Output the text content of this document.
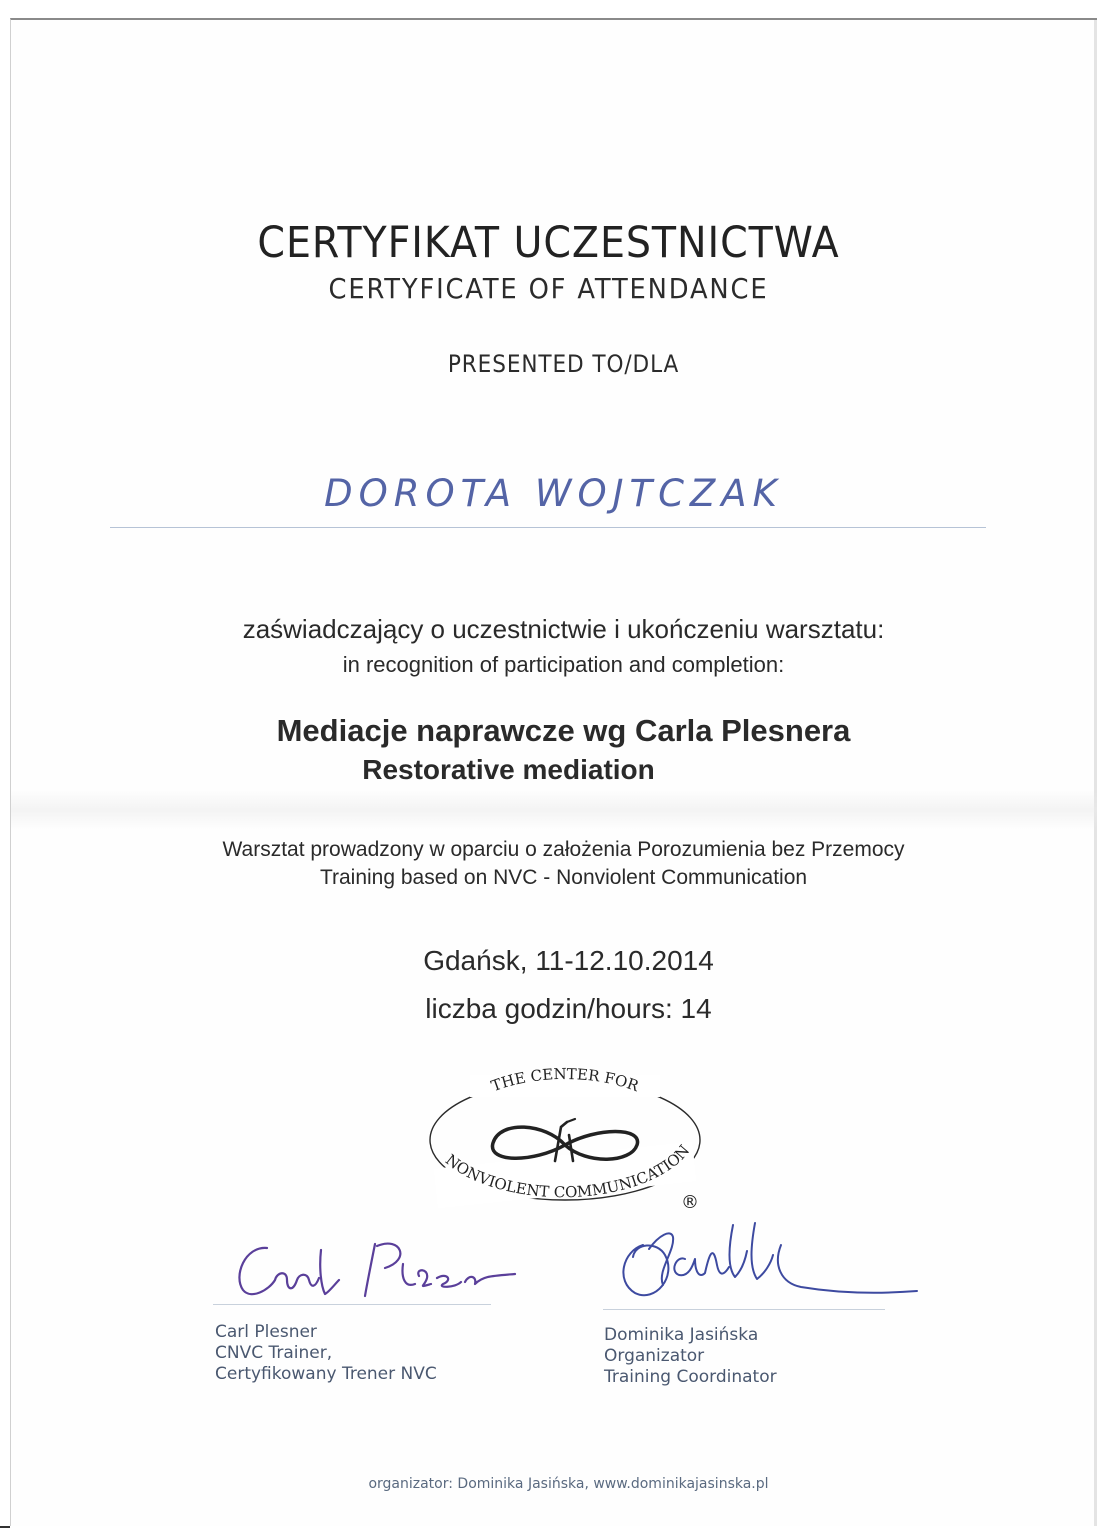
CERTYFIKAT UCZESTNICTWA
CERTYFICATE OF ATTENDANCE
PRESENTED TO/DLA
DOROTA WOJTCZAK
zaświadczający o uczestnictwie i ukończeniu warsztatu:
in recognition of participation and completion:
Mediacje naprawcze wg Carla Plesnera
Restorative mediation
Warsztat prowadzony w oparciu o założenia Porozumienia bez Przemocy
Training based on NVC - Nonviolent Communication
Gdańsk, 11-12.10.2014
liczba godzin/hours: 14
THE CENTER FOR
NONVIOLENT COMMUNICATION
®
Carl Plesner
CNVC Trainer,
Certyfikowany Trener NVC
Dominika Jasińska
Organizator
Training Coordinator
organizator: Dominika Jasińska, www.dominikajasinska.pl
